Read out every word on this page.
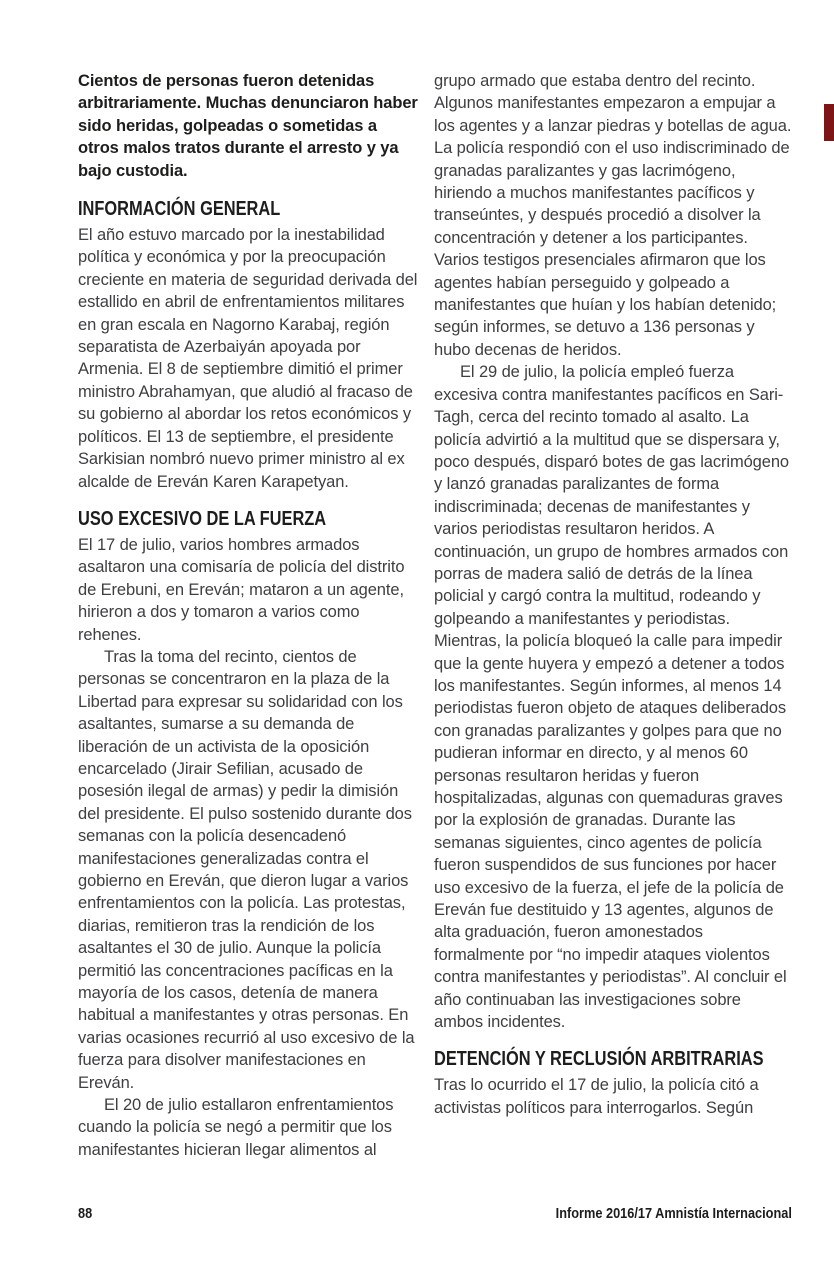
Cientos de personas fueron detenidas arbitrariamente. Muchas denunciaron haber sido heridas, golpeadas o sometidas a otros malos tratos durante el arresto y ya bajo custodia.

INFORMACIÓN GENERAL

El año estuvo marcado por la inestabilidad política y económica y por la preocupación creciente en materia de seguridad derivada del estallido en abril de enfrentamientos militares en gran escala en Nagorno Karabaj, región separatista de Azerbaiyán apoyada por Armenia. El 8 de septiembre dimitió el primer ministro Abrahamyan, que aludió al fracaso de su gobierno al abordar los retos económicos y políticos. El 13 de septiembre, el presidente Sarkisian nombró nuevo primer ministro al ex alcalde de Ereván Karen Karapetyan.

USO EXCESIVO DE LA FUERZA

El 17 de julio, varios hombres armados asaltaron una comisaría de policía del distrito de Erebuni, en Ereván; mataron a un agente, hirieron a dos y tomaron a varios como rehenes.

Tras la toma del recinto, cientos de personas se concentraron en la plaza de la Libertad para expresar su solidaridad con los asaltantes, sumarse a su demanda de liberación de un activista de la oposición encarcelado (Jirair Sefilian, acusado de posesión ilegal de armas) y pedir la dimisión del presidente. El pulso sostenido durante dos semanas con la policía desencadenó manifestaciones generalizadas contra el gobierno en Ereván, que dieron lugar a varios enfrentamientos con la policía. Las protestas, diarias, remitieron tras la rendición de los asaltantes el 30 de julio. Aunque la policía permitió las concentraciones pacíficas en la mayoría de los casos, detenía de manera habitual a manifestantes y otras personas. En varias ocasiones recurrió al uso excesivo de la fuerza para disolver manifestaciones en Ereván.

El 20 de julio estallaron enfrentamientos cuando la policía se negó a permitir que los manifestantes hicieran llegar alimentos al

grupo armado que estaba dentro del recinto. Algunos manifestantes empezaron a empujar a los agentes y a lanzar piedras y botellas de agua. La policía respondió con el uso indiscriminado de granadas paralizantes y gas lacrimógeno, hiriendo a muchos manifestantes pacíficos y transeúntes, y después procedió a disolver la concentración y detener a los participantes. Varios testigos presenciales afirmaron que los agentes habían perseguido y golpeado a manifestantes que huían y los habían detenido; según informes, se detuvo a 136 personas y hubo decenas de heridos.

El 29 de julio, la policía empleó fuerza excesiva contra manifestantes pacíficos en Sari-Tagh, cerca del recinto tomado al asalto. La policía advirtió a la multitud que se dispersara y, poco después, disparó botes de gas lacrimógeno y lanzó granadas paralizantes de forma indiscriminada; decenas de manifestantes y varios periodistas resultaron heridos. A continuación, un grupo de hombres armados con porras de madera salió de detrás de la línea policial y cargó contra la multitud, rodeando y golpeando a manifestantes y periodistas. Mientras, la policía bloqueó la calle para impedir que la gente huyera y empezó a detener a todos los manifestantes. Según informes, al menos 14 periodistas fueron objeto de ataques deliberados con granadas paralizantes y golpes para que no pudieran informar en directo, y al menos 60 personas resultaron heridas y fueron hospitalizadas, algunas con quemaduras graves por la explosión de granadas. Durante las semanas siguientes, cinco agentes de policía fueron suspendidos de sus funciones por hacer uso excesivo de la fuerza, el jefe de la policía de Ereván fue destituido y 13 agentes, algunos de alta graduación, fueron amonestados formalmente por “no impedir ataques violentos contra manifestantes y periodistas”. Al concluir el año continuaban las investigaciones sobre ambos incidentes.

DETENCIÓN Y RECLUSIÓN ARBITRARIAS

Tras lo ocurrido el 17 de julio, la policía citó a activistas políticos para interrogarlos. Según

88	Informe 2016/17 Amnistía Internacional
